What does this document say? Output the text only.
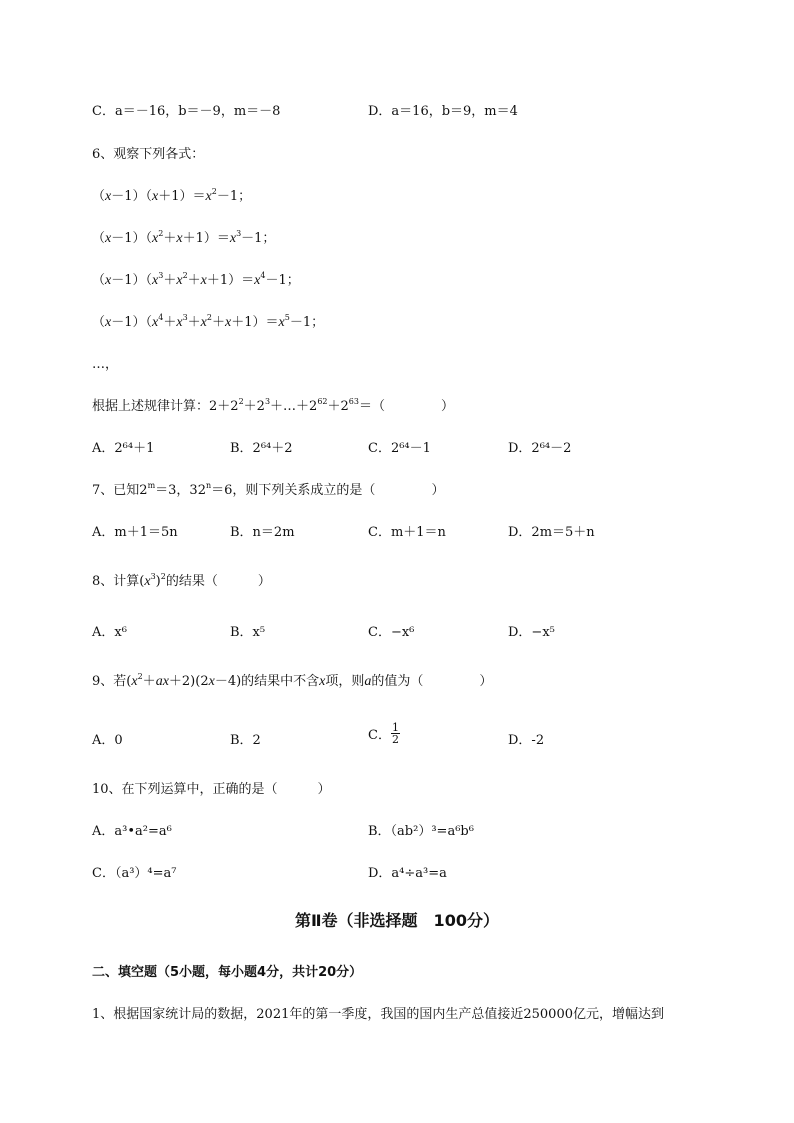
C．a＝－16，b＝－9，m＝－8	D．a＝16，b＝9，m＝4
6、观察下列各式：
$(x-1)(x+1)=x^2-1$；
$(x-1)(x^2+x+1)=x^3-1$；
$(x-1)(x^3+x^2+x+1)=x^4-1$；
$(x-1)(x^4+x^3+x^2+x+1)=x^5-1$；
…，
根据上述规律计算：$2+2^2+2^3+\dots+2^{62}+2^{63}=$（	）
A．2⁶⁴＋1	B．2⁶⁴＋2	C．2⁶⁴－1	D．2⁶⁴－2
7、已知$2^m=3$，$32^n=6$，则下列关系成立的是（	）
A．m＋1＝5n	B．n＝2m	C．m＋1＝n	D．2m＝5＋n
8、计算$(x^3)^2$的结果（	）
A．x⁶	B．x⁵	C．−x⁶	D．−x⁵
9、若$(x^2+ax+2)(2x-4)$的结果中不含x项，则a的值为（	）
A．0	B．2	C． $\frac{1}{2}$	D．-2
10、在下列运算中，正确的是（	）
A．a³•a²=a⁶	B．（ab²）³=a⁶b⁶
C．（a³）⁴=a⁷	D．a⁴÷a³=a
第Ⅱ卷（非选择题　100分）
二、填空题（5小题，每小题4分，共计20分）
1、根据国家统计局的数据，2021年的第一季度，我国的国内生产总值接近250000亿元，增幅达到
